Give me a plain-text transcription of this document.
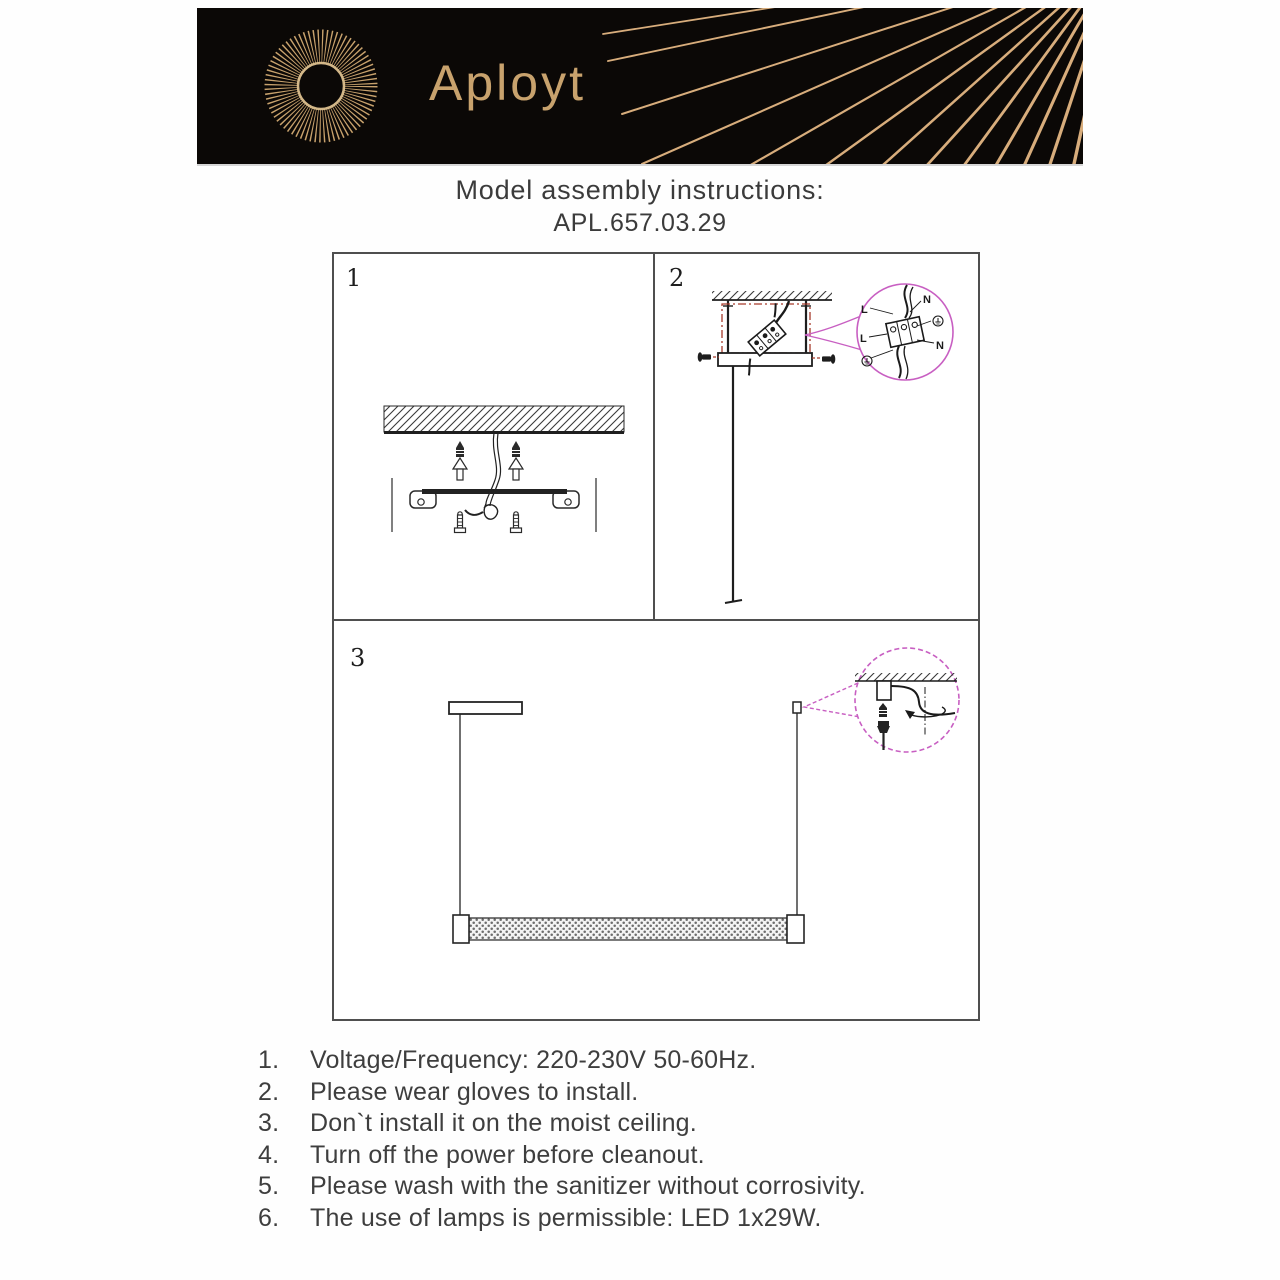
Aployt
Model assembly instructions:
APL.657.03.29
1	2
L
N
L
N
3
1.	Voltage/Frequency: 220-230V 50-60Hz.
2.	Please wear gloves to install.
3.	Don`t install it on the moist ceiling.
4.	Turn off the power before cleanout.
5.	Please wash with the sanitizer without corrosivity.
6.	The use of lamps is permissible: LED 1x29W.
